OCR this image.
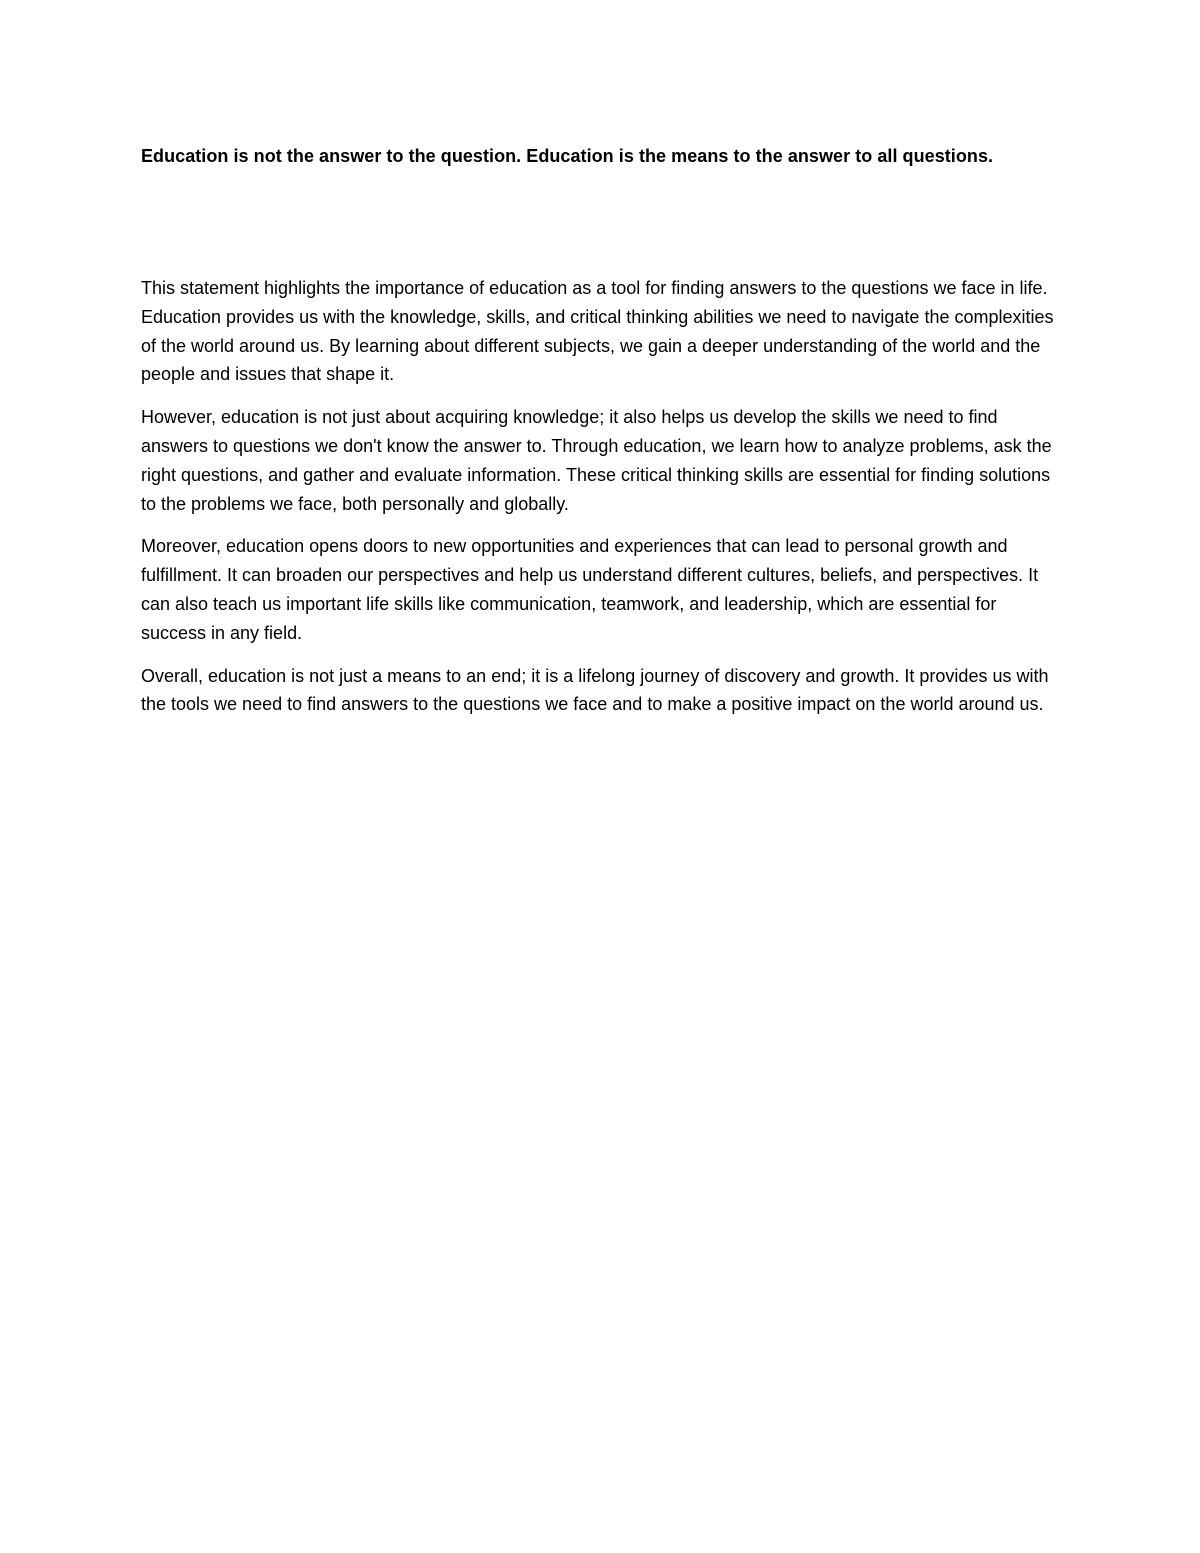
Education is not the answer to the question. Education is the means to the answer to all questions.

This statement highlights the importance of education as a tool for finding answers to the questions we face in life. Education provides us with the knowledge, skills, and critical thinking abilities we need to navigate the complexities of the world around us. By learning about different subjects, we gain a deeper understanding of the world and the people and issues that shape it.

However, education is not just about acquiring knowledge; it also helps us develop the skills we need to find answers to questions we don't know the answer to. Through education, we learn how to analyze problems, ask the right questions, and gather and evaluate information. These critical thinking skills are essential for finding solutions to the problems we face, both personally and globally.

Moreover, education opens doors to new opportunities and experiences that can lead to personal growth and fulfillment. It can broaden our perspectives and help us understand different cultures, beliefs, and perspectives. It can also teach us important life skills like communication, teamwork, and leadership, which are essential for success in any field.

Overall, education is not just a means to an end; it is a lifelong journey of discovery and growth. It provides us with the tools we need to find answers to the questions we face and to make a positive impact on the world around us.
